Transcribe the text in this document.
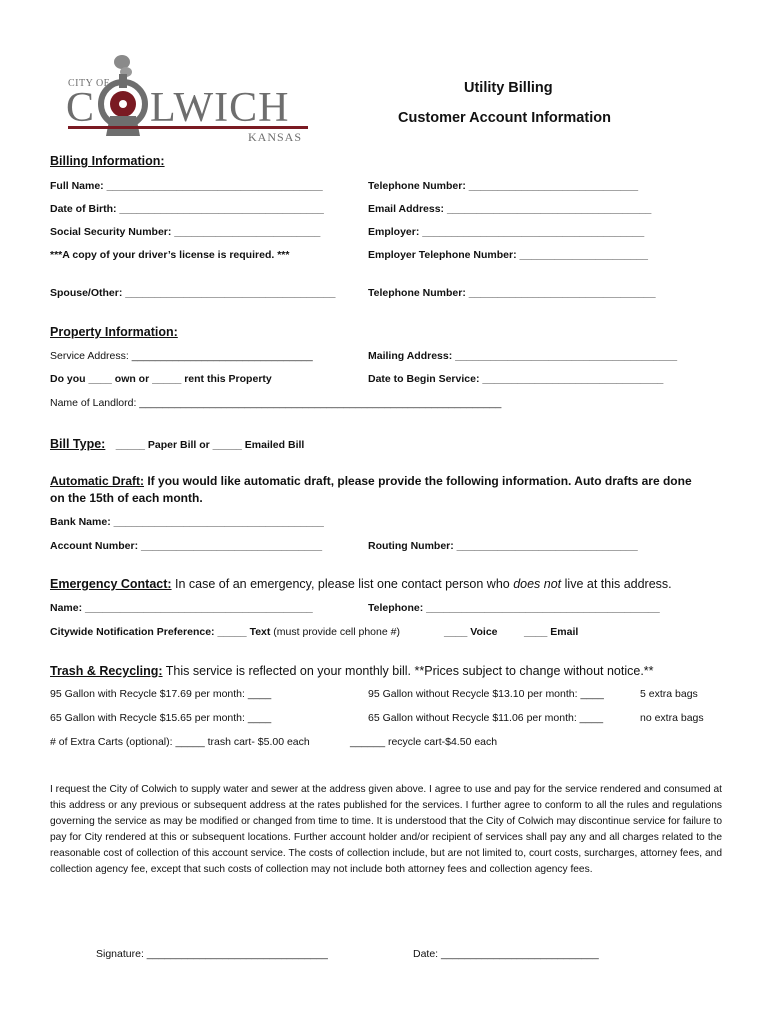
CITY OF
C LWICH
KANSAS
Utility Billing
Customer Account Information
Billing Information:
Full Name: _____________________________________	Telephone Number: _____________________________
Date of Birth: ___________________________________	Email Address: ___________________________________
Social Security Number: _________________________	Employer: ______________________________________
***A copy of your driver’s license is required. ***	Employer Telephone Number: ______________________
Spouse/Other: ____________________________________	Telephone Number: ________________________________
Property Information:
Service Address: _______________________________	Mailing Address: ______________________________________
Do you ____ own or _____ rent this Property	Date to Begin Service: _______________________________
Name of Landlord: ______________________________________________________________
Bill Type: _____ Paper Bill or _____ Emailed Bill
Automatic Draft: If you would like automatic draft, please provide the following information. Auto drafts are done
on the 15th of each month.
Bank Name: ____________________________________
Account Number: _______________________________	Routing Number: _______________________________
Emergency Contact: In case of an emergency, please list one contact person who does not live at this address.
Name: _______________________________________	Telephone: ________________________________________
Citywide Notification Preference: _____ Text (must provide cell phone #)	____ Voice	____ Email
Trash & Recycling: This service is reflected on your monthly bill. **Prices subject to change without notice.**
95 Gallon with Recycle $17.69 per month: ____	95 Gallon without Recycle $13.10 per month: ____	5 extra bags
65 Gallon with Recycle $15.65 per month: ____	65 Gallon without Recycle $11.06 per month: ____	no extra bags
# of Extra Carts (optional): _____ trash cart- $5.00 each	______ recycle cart-$4.50 each
I request the City of Colwich to supply water and sewer at the address given above. I agree to use and pay for the service rendered and consumed at this address or any previous or subsequent address at the rates published for the services. I further agree to conform to all the rules and regulations governing the service as may be modified or changed from time to time. It is understood that the City of Colwich may discontinue service for failure to pay for City rendered at this or subsequent locations. Further account holder and/or recipient of services shall pay any and all charges related to the reasonable cost of collection of this account service. The costs of collection include, but are not limited to, court costs, surcharges, attorney fees, and collection agency fee, except that such costs of collection may not include both attorney fees and collection agency fees.
Signature: _______________________________	Date: ___________________________
